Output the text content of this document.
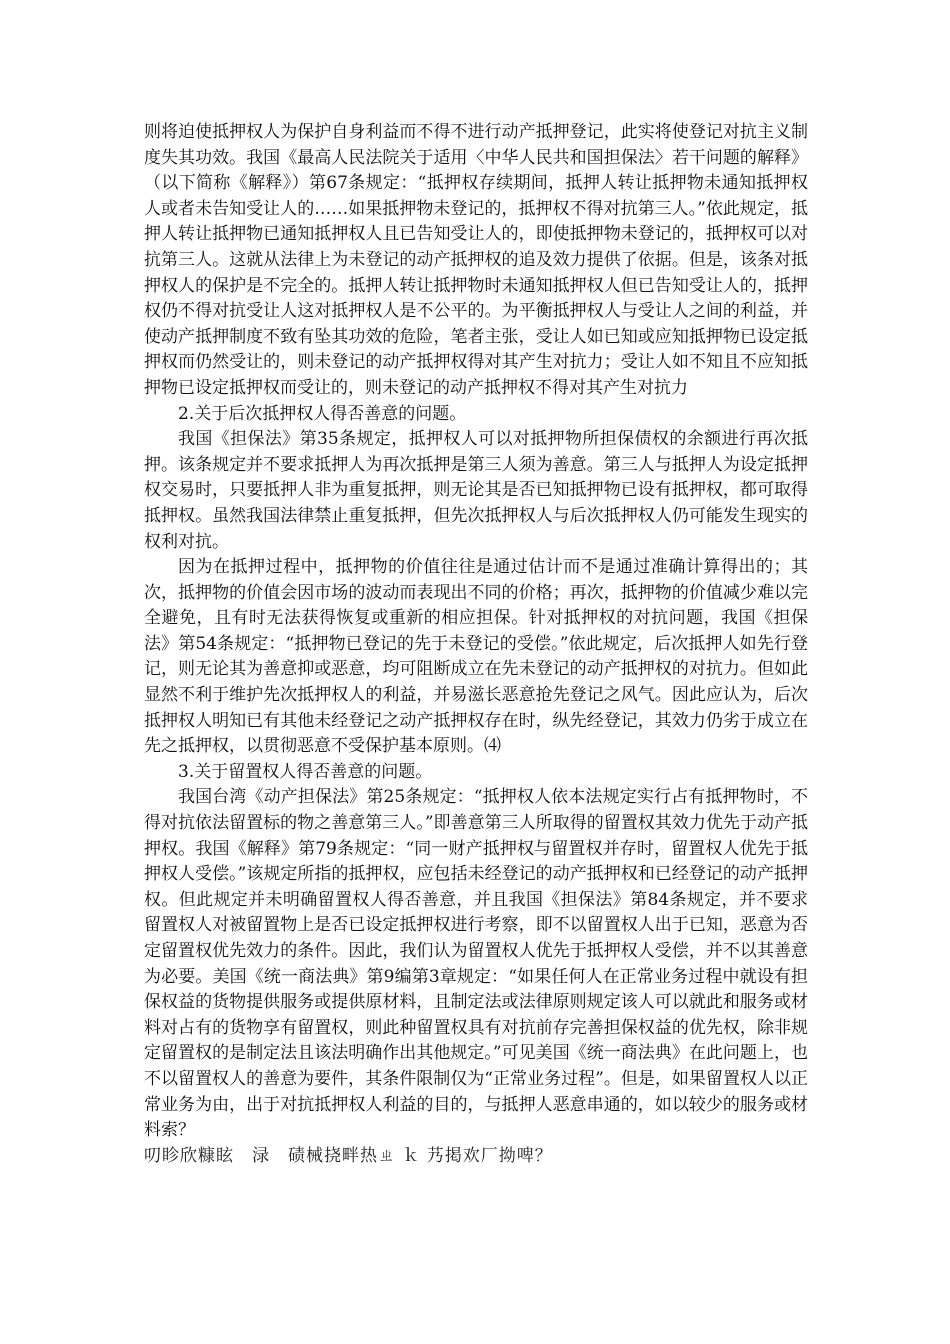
则将迫使抵押权人为保护自身利益而不得不进行动产抵押登记，此实将使登记对抗主义制度失其功效。我国《最高人民法院关于适用〈中华人民共和国担保法〉若干问题的解释》（以下简称《解释》）第67条规定：“抵押权存续期间，抵押人转让抵押物未通知抵押权人或者未告知受让人的……如果抵押物未登记的，抵押权不得对抗第三人。”依此规定，抵押人转让抵押物已通知抵押权人且已告知受让人的，即使抵押物未登记的，抵押权可以对抗第三人。这就从法律上为未登记的动产抵押权的追及效力提供了依据。但是，该条对抵押权人的保护是不完全的。抵押人转让抵押物时未通知抵押权人但已告知受让人的，抵押权仍不得对抗受让人这对抵押权人是不公平的。为平衡抵押权人与受让人之间的利益，并使动产抵押制度不致有坠其功效的危险，笔者主张，受让人如已知或应知抵押物已设定抵押权而仍然受让的，则未登记的动产抵押权得对其产生对抗力；受让人如不知且不应知抵押物已设定抵押权而受让的，则未登记的动产抵押权不得对其产生对抗力

2.关于后次抵押权人得否善意的问题。

我国《担保法》第35条规定，抵押权人可以对抵押物所担保债权的余额进行再次抵押。该条规定并不要求抵押人为再次抵押是第三人须为善意。第三人与抵押人为设定抵押权交易时，只要抵押人非为重复抵押，则无论其是否已知抵押物已设有抵押权，都可取得抵押权。虽然我国法律禁止重复抵押，但先次抵押权人与后次抵押权人仍可能发生现实的权利对抗。

因为在抵押过程中，抵押物的价值往往是通过估计而不是通过准确计算得出的；其次，抵押物的价值会因市场的波动而表现出不同的价格；再次，抵押物的价值减少难以完全避免，且有时无法获得恢复或重新的相应担保。针对抵押权的对抗问题，我国《担保法》第54条规定：“抵押物已登记的先于未登记的受偿。”依此规定，后次抵押人如先行登记，则无论其为善意抑或恶意，均可阻断成立在先未登记的动产抵押权的对抗力。但如此显然不利于维护先次抵押权人的利益，并易滋长恶意抢先登记之风气。因此应认为，后次抵押权人明知已有其他未经登记之动产抵押权存在时，纵先经登记，其效力仍劣于成立在先之抵押权，以贯彻恶意不受保护基本原则。⑷

3.关于留置权人得否善意的问题。

我国台湾《动产担保法》第25条规定：“抵押权人依本法规定实行占有抵押物时，不得对抗依法留置标的物之善意第三人。”即善意第三人所取得的留置权其效力优先于动产抵押权。我国《解释》第79条规定：“同一财产抵押权与留置权并存时，留置权人优先于抵押权人受偿。”该规定所指的抵押权，应包括未经登记的动产抵押权和已经登记的动产抵押权。但此规定并未明确留置权人得否善意，并且我国《担保法》第84条规定，并不要求留置权人对被留置物上是否已设定抵押权进行考察，即不以留置权人出于已知，恶意为否定留置权优先效力的条件。因此，我们认为留置权人优先于抵押权人受偿，并不以其善意为必要。美国《统一商法典》第9编第3章规定：“如果任何人在正常业务过程中就设有担保权益的货物提供服务或提供原材料，且制定法或法律原则规定该人可以就此和服务或材料对占有的货物享有留置权，则此种留置权具有对抗前存完善担保权益的优先权，除非规定留置权的是制定法且该法明确作出其他规定。”可见美国《统一商法典》在此问题上，也不以留置权人的善意为要件，其条件限制仅为“正常业务过程”。但是，如果留置权人以正常业务为由，出于对抗抵押权人利益的目的，与抵押人恶意串通的，如以较少的服务或材料索？

叨眕欣糠眩　渌　碛械挠畔热ㄓ ｋ 艿掲欢厂拗啤？
